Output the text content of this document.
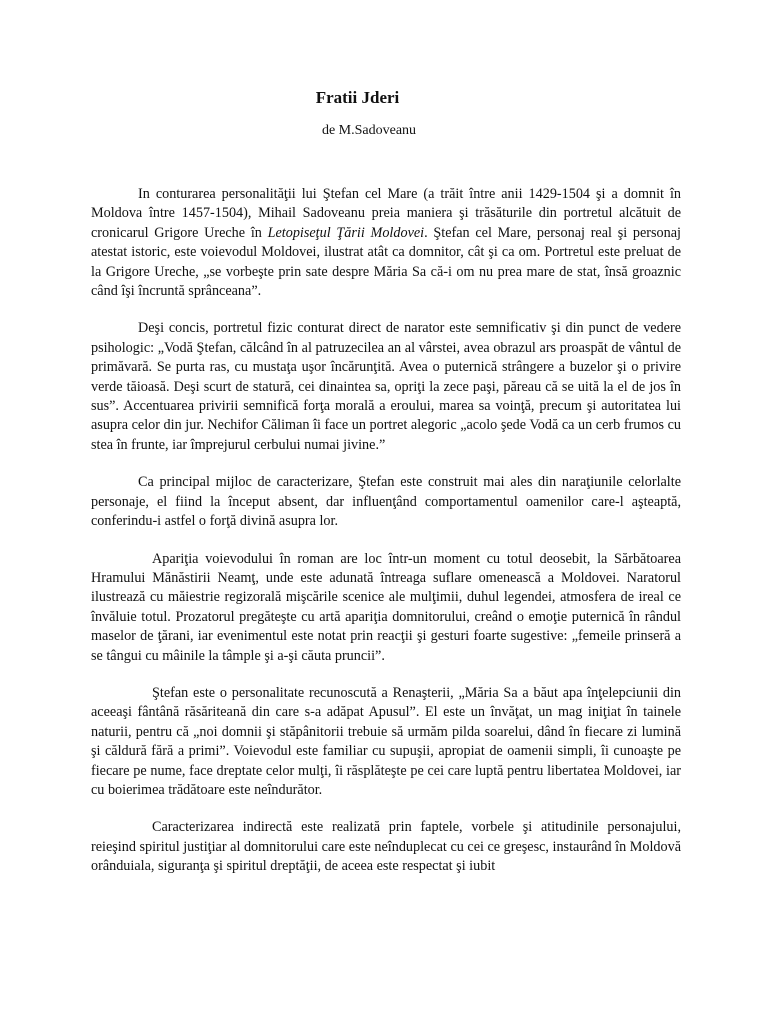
Fratii Jderi

de M.Sadoveanu

In conturarea personalităţii lui Ştefan cel Mare (a trăit între anii 1429-1504 şi a domnit în Moldova între 1457-1504), Mihail Sadoveanu preia maniera şi trăsăturile din portretul alcătuit de cronicarul Grigore Ureche în Letopiseţul Ţării Moldovei. Ştefan cel Mare, personaj real şi personaj atestat istoric, este voievodul Moldovei, ilustrat atât ca domnitor, cât şi ca om. Portretul este preluat de la Grigore Ureche, „se vorbeşte prin sate despre Măria Sa că-i om nu prea mare de stat, însă groaznic când îşi încruntă sprânceana”.

Deşi concis, portretul fizic conturat direct de narator este semnificativ şi din punct de vedere psihologic: „Vodă Ştefan, călcând în al patruzecilea an al vârstei, avea obrazul ars proaspăt de vântul de primăvară. Se purta ras, cu mustaţa uşor încărunţită. Avea o puternică strângere a buzelor şi o privire verde tăioasă. Deşi scurt de statură, cei dinaintea sa, opriţi la zece paşi, păreau că se uită la el de jos în sus”. Accentuarea privirii semnifică forţa morală a eroului, marea sa voinţă, precum şi autoritatea lui asupra celor din jur. Nechifor Căliman îi face un portret alegoric „acolo şede Vodă ca un cerb frumos cu stea în frunte, iar împrejurul cerbului numai jivine.”

Ca principal mijloc de caracterizare, Ştefan este construit mai ales din naraţiunile celorlalte personaje, el fiind la început absent, dar influenţând comportamentul oamenilor care-l aşteaptă, conferindu-i astfel o forţă divină asupra lor.

Apariţia voievodului în roman are loc într-un moment cu totul deosebit, la Sărbătoarea Hramului Mănăstirii Neamţ, unde este adunată întreaga suflare omenească a Moldovei. Naratorul ilustrează cu măiestrie regizorală mişcările scenice ale mulţimii, duhul legendei, atmosfera de ireal ce învăluie totul. Prozatorul pregăteşte cu artă apariţia domnitorului, creând o emoţie puternică în rândul maselor de ţărani, iar evenimentul este notat prin reacţii şi gesturi foarte sugestive: „femeile prinseră a se tângui cu mâinile la tâmple şi a-şi căuta pruncii”.

Ştefan este o personalitate recunoscută a Renaşterii, „Măria Sa a băut apa înţelepciunii din aceeaşi fântână răsăriteană din care s-a adăpat Apusul”. El este un învăţat, un mag iniţiat în tainele naturii, pentru că „noi domnii şi stăpânitorii trebuie să urmăm pilda soarelui, dând în fiecare zi lumină şi căldură fără a primi”. Voievodul este familiar cu supuşii, apropiat de oamenii simpli, îi cunoaşte pe fiecare pe nume, face dreptate celor mulţi, îi răsplăteşte pe cei care luptă pentru libertatea Moldovei, iar cu boierimea trădătoare este neîndurător.

Caracterizarea indirectă este realizată prin faptele, vorbele şi atitudinile personajului, reieşind spiritul justiţiar al domnitorului care este neînduplecat cu cei ce greşesc, instaurând în Moldovă orânduiala, siguranţa şi spiritul dreptăţii, de aceea este respectat şi iubit
